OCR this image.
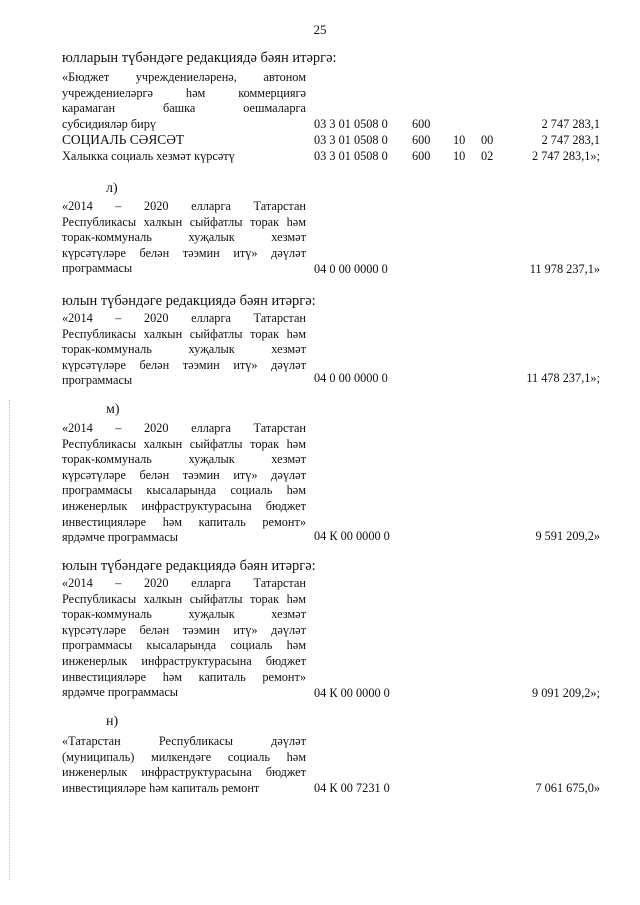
25
юлларын түбәндәге редакциядә бәян итәргә:
«Бюджет учреждениеләренә, автоном
учреждениеләргә һәм коммерциягә
карамаган башка оешмаларга
субсидияләр бирү	03 3 01 0508 0 600	2 747 283,1
СОЦИАЛЬ СӘЯСӘТ	03 3 01 0508 0 600 10 00	2 747 283,1
Халыкка социаль хезмәт күрсәтү	03 3 01 0508 0 600 10 02	2 747 283,1»;
л)
«2014 – 2020 елларга Татарстан
Республикасы халкын сыйфатлы торак һәм
торак-коммуналь хуҗалык хезмәт
күрсәтүләре белән тәэмин итү» дәүләт
программасы	04 0 00 0000 0	11 978 237,1»
юлын түбәндәге редакциядә бәян итәргә:
«2014 – 2020 елларга Татарстан
Республикасы халкын сыйфатлы торак һәм
торак-коммуналь хуҗалык хезмәт
күрсәтүләре белән тәэмин итү» дәүләт
программасы	04 0 00 0000 0	11 478 237,1»;
м)
«2014 – 2020 елларга Татарстан
Республикасы халкын сыйфатлы торак һәм
торак-коммуналь хуҗалык хезмәт
күрсәтүләре белән тәэмин итү» дәүләт
программасы кысаларында социаль һәм
инженерлык инфраструктурасына бюджет
инвестицияләре һәм капиталь ремонт»
ярдәмче программасы	04 К 00 0000 0	9 591 209,2»
юлын түбәндәге редакциядә бәян итәргә:
«2014 – 2020 елларга Татарстан
Республикасы халкын сыйфатлы торак һәм
торак-коммуналь хуҗалык хезмәт
күрсәтүләре белән тәэмин итү» дәүләт
программасы кысаларында социаль һәм
инженерлык инфраструктурасына бюджет
инвестицияләре һәм капиталь ремонт»
ярдәмче программасы	04 К 00 0000 0	9 091 209,2»;
н)
«Татарстан Республикасы дәүләт
(муниципаль) милкендәге социаль һәм
инженерлык инфраструктурасына бюджет
инвестицияләре һәм капиталь ремонт	04 К 00 7231 0	7 061 675,0»
